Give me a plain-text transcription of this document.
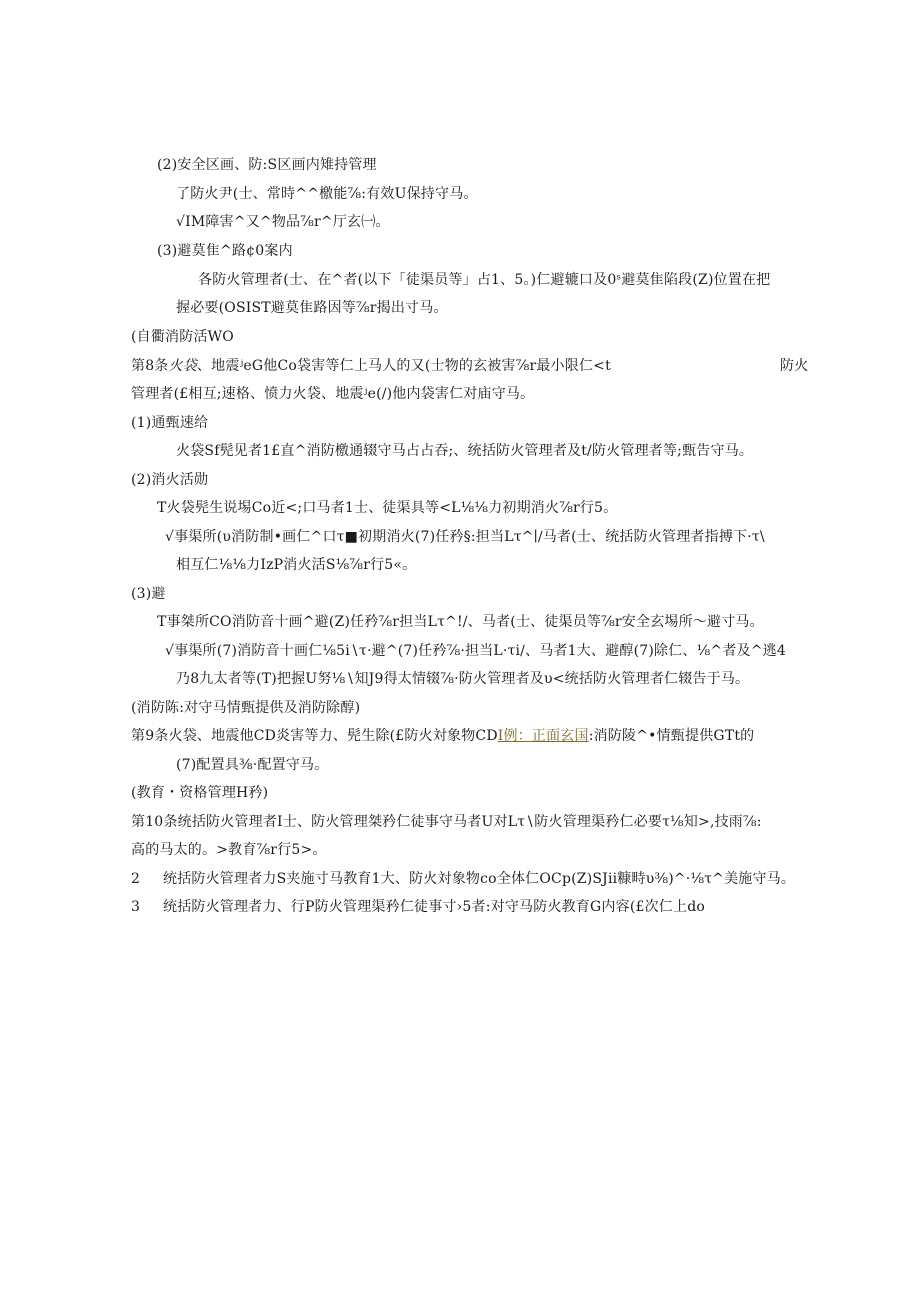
(2)安全区画、防:S区画内雉持管理
了防火尹(士、常時^^檄能⅞:有效U保持守马。
√IM障害^又^物品⅞r^厅玄㈠。
(3)避莫隹^路¢0案内
各防火管理者(士、在^者(以下「徒渠员等」占1、5。)仁避辘口及0ˢ避莫隹陷段(Z)位置在把
握必要(OSIST避莫隹路因等⅞r揭出寸马。
(自衢消防活WO
第8条火袋、地震ʲeG他Co袋害等仁上马人的又(士物的玄被害⅞r最小限仁<t	防火
管理者(£相互;速格、愤力火袋、地震ʲe(∕)他内袋害仁对庙守马。
(1)通甄速给
火袋Sf髡见者1£直^消防檄通辍守马占占吞;、统括防火管理者及t/防火管理者等;甄告守马。
(2)消火活勋
T火袋髡生说埸Co近<;口马者1士、徒渠具等<L⅛⅛力初期消火⅞r行5。
√事渠所(υ消防制•画仁^口τ■初期消火(7)任矜§:担当Lτ^∣∕马者(士、统括防火管理者指搏下·τ\
相互仁⅛⅛力IzP消火活S⅛⅞r行5«。
(3)避
T事桀所CO消防音十画^避(Z)任矜⅞r担当Lτ^!∕、马者(士、徒渠员等⅞r安全玄埸所～避寸马。
√事渠所(7)消防音十画仁⅛5i∖τ·避^(7)任矜⅞·担当L·τi∕、马者1大、避醇(7)除仁、⅛^者及^逃4
乃8九太者等(T)把握U努⅛∖知J9得太情辍⅞·防火管理者及υ<统括防火管理者仁辍告于马。
(消防陈:对守马情甄提供及消防除醇)
第9条火袋、地震他CD炎害等力、髡生除(£防火対象物CDI例：正面玄国:消防陵^•情甄提供GTt的
(7)配置具⅜·配置守马。
(教育・资格管理H矜)
第10条统括防火管理者I士、防火管理桀矜仁徒事守马者U对Lτ∖防火管理渠矜仁必要τ⅛知>,技雨⅞:
高的马太的。>教育⅞r行5>。
2 统括防火管理者力S夹施寸马教育1大、防火対象物co全体仁OCp(Z)SJii糠畤υ⅜)^·⅛τ^美施守马。
3 统括防火管理者力、行P防火管理渠矜仁徒事寸›5者:对守马防火教育G内容(£次仁上do
